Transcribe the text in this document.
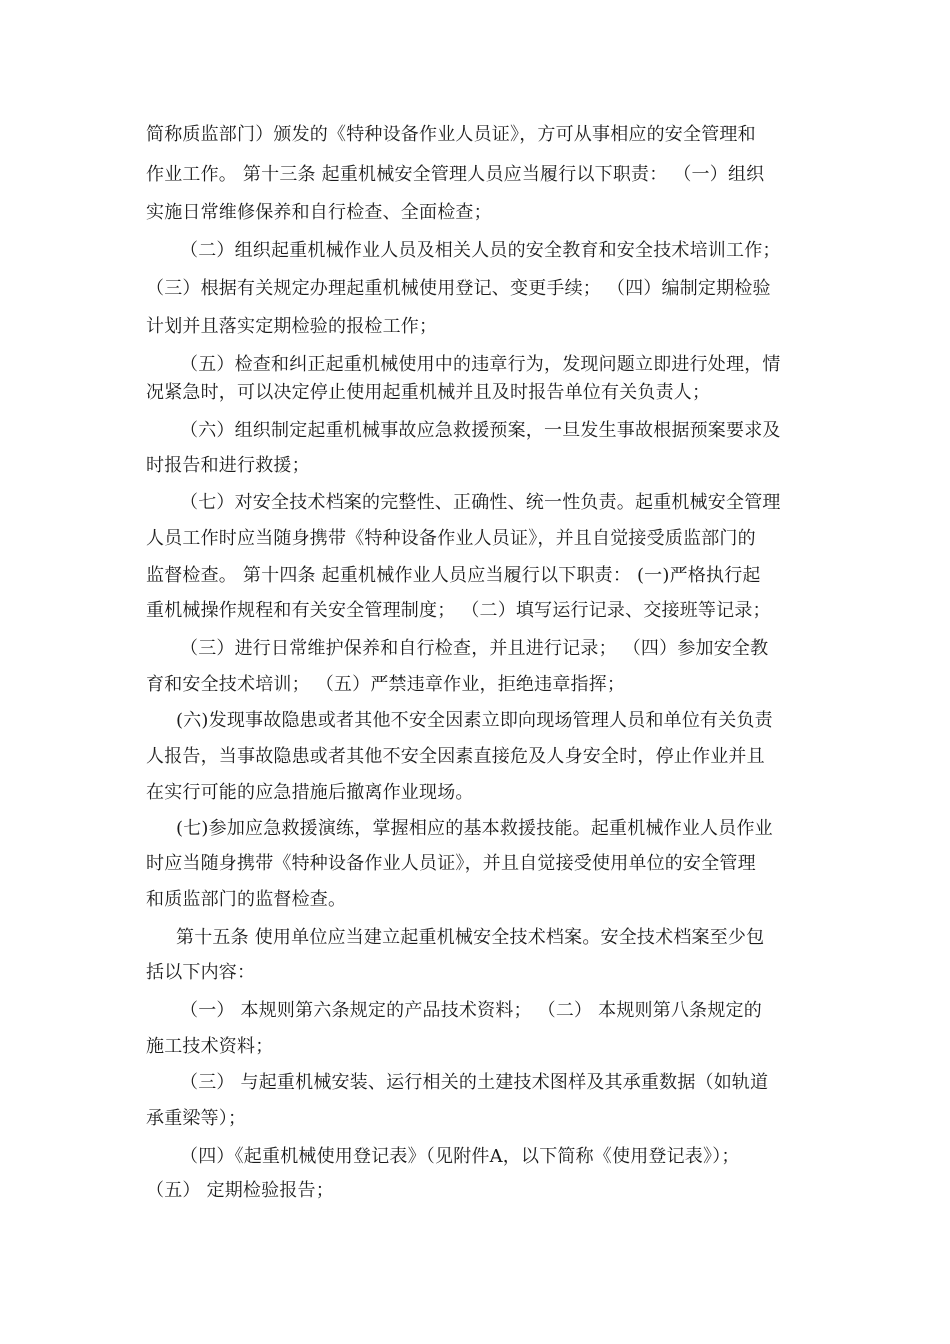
简称质监部门）颁发的《特种设备作业人员证》，方可从事相应的安全管理和
作业工作。 第十三条 起重机械安全管理人员应当履行以下职责： （一）组织
实施日常维修保养和自行检查、全面检查；
（二）组织起重机械作业人员及相关人员的安全教育和安全技术培训工作；
（三）根据有关规定办理起重机械使用登记、变更手续； （四）编制定期检验
计划并且落实定期检验的报检工作；
（五）检查和纠正起重机械使用中的违章行为，发现问题立即进行处理，情
况紧急时，可以决定停止使用起重机械并且及时报告单位有关负责人；
（六）组织制定起重机械事故应急救援预案，一旦发生事故根据预案要求及
时报告和进行救援；
（七）对安全技术档案的完整性、正确性、统一性负责。起重机械安全管理
人员工作时应当随身携带《特种设备作业人员证》，并且自觉接受质监部门的
监督检查。 第十四条 起重机械作业人员应当履行以下职责： (一)严格执行起
重机械操作规程和有关安全管理制度； （二）填写运行记录、交接班等记录；
（三）进行日常维护保养和自行检查，并且进行记录； （四）参加安全教
育和安全技术培训； （五）严禁违章作业，拒绝违章指挥；
(六)发现事故隐患或者其他不安全因素立即向现场管理人员和单位有关负责
人报告，当事故隐患或者其他不安全因素直接危及人身安全时，停止作业并且
在实行可能的应急措施后撤离作业现场。
(七)参加应急救援演练，掌握相应的基本救援技能。起重机械作业人员作业
时应当随身携带《特种设备作业人员证》，并且自觉接受使用单位的安全管理
和质监部门的监督检查。
第十五条 使用单位应当建立起重机械安全技术档案。安全技术档案至少包
括以下内容：
（一） 本规则第六条规定的产品技术资料； （二） 本规则第八条规定的
施工技术资料；
（三） 与起重机械安装、运行相关的土建技术图样及其承重数据（如轨道
承重梁等）；
（四）《起重机械使用登记表》（见附件A，以下简称《使用登记表》）；
（五） 定期检验报告；
